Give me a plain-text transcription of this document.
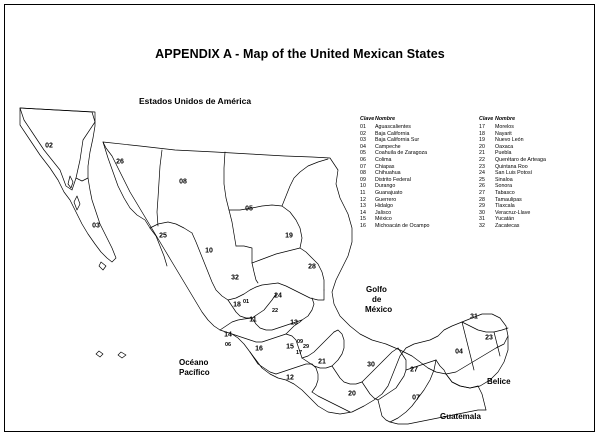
APPENDIX A - Map of the United Mexican States
Estados Unidos de América
Golfo
de
México
Océano
Pacífico
Belice
Guatemala
01
02
03
04
05
06
07
08
09
10
11
12
13
14
15
16
17
18
19
20
21
22
23
24
25
26
27
28
29
30
31
32
Clave	Nombre	Clave	Nombre
01	Aguascalientes	17	Morelos
02	Baja California	18	Nayarit
03	Baja California Sur	19	Nuevo León
04	Campeche	20	Oaxaca
05	Coahuila de Zaragoza	21	Puebla
06	Colima	22	Querétaro de Arteaga
07	Chiapas	23	Quintana Roo
08	Chihuahua	24	San Luis Potosí
09	Distrito Federal	25	Sinaloa
10	Durango	26	Sonora
11	Guanajuato	27	Tabasco
12	Guerrero	28	Tamaulipas
13	Hidalgo	29	Tlaxcala
14	Jalisco	30	Veracruz-Llave
15	México	31	Yucatán
16	Michoacán de Ocampo	32	Zacatecas
